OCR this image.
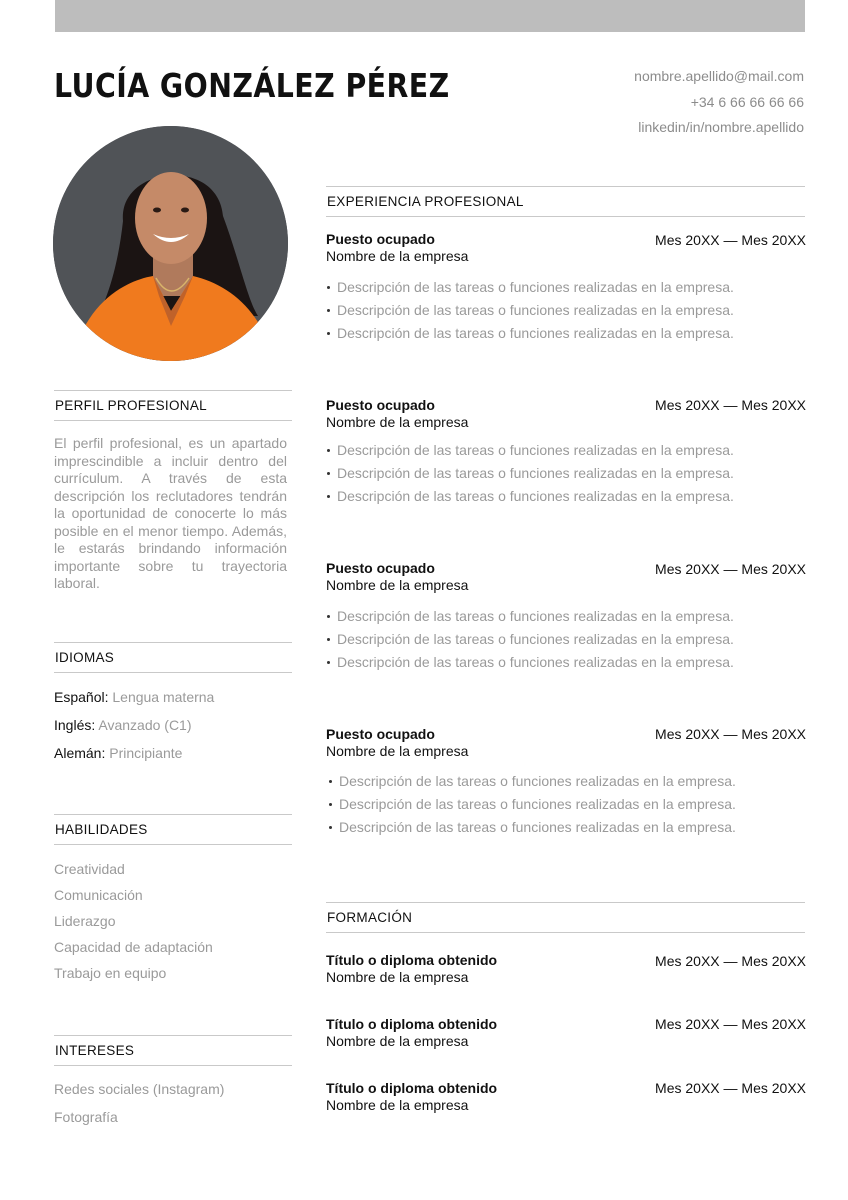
LUCÍA GONZÁLEZ PÉREZ	nombre.apellido@mail.com
+34 6 66 66 66 66
linkedin/in/nombre.apellido
PERFIL PROFESIONAL

El perfil profesional, es un apartado imprescindible a incluir dentro del currículum. A través de esta descripción los reclutadores tendrán la oportunidad de conocerte lo más posible en el menor tiempo. Además, le estarás brindando información importante sobre tu trayectoria laboral.

IDIOMAS
Español: Lengua materna
Inglés: Avanzado (C1)
Alemán: Principiante
HABILIDADES
Creatividad
Comunicación
Liderazgo
Capacidad de adaptación
Trabajo en equipo
INTERESES
Redes sociales (Instagram)
Fotografía
EXPERIENCIA PROFESIONAL
Puesto ocupado
Nombre de la empresa
Mes 20XX — Mes 20XX
Descripción de las tareas o funciones realizadas en la empresa.
Descripción de las tareas o funciones realizadas en la empresa.
Descripción de las tareas o funciones realizadas en la empresa.
Puesto ocupado
Nombre de la empresa
Mes 20XX — Mes 20XX
Descripción de las tareas o funciones realizadas en la empresa.
Descripción de las tareas o funciones realizadas en la empresa.
Descripción de las tareas o funciones realizadas en la empresa.
Puesto ocupado
Nombre de la empresa
Mes 20XX — Mes 20XX
Descripción de las tareas o funciones realizadas en la empresa.
Descripción de las tareas o funciones realizadas en la empresa.
Descripción de las tareas o funciones realizadas en la empresa.
Puesto ocupado
Nombre de la empresa
Mes 20XX — Mes 20XX
Descripción de las tareas o funciones realizadas en la empresa.
Descripción de las tareas o funciones realizadas en la empresa.
Descripción de las tareas o funciones realizadas en la empresa.
FORMACIÓN
Título o diploma obtenido
Nombre de la empresa
Mes 20XX — Mes 20XX
Título o diploma obtenido
Nombre de la empresa
Mes 20XX — Mes 20XX
Título o diploma obtenido
Nombre de la empresa
Mes 20XX — Mes 20XX
